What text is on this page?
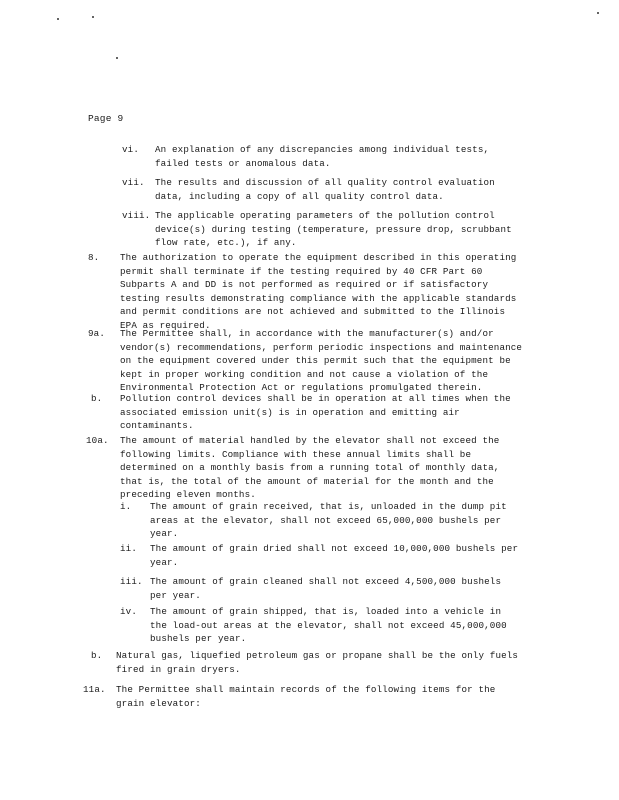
Page 9
vi. An explanation of any discrepancies among individual tests,
failed tests or anomalous data.
vii. The results and discussion of all quality control evaluation
data, including a copy of all quality control data.
viii. The applicable operating parameters of the pollution control
device(s) during testing (temperature, pressure drop, scrubbant
flow rate, etc.), if any.
8. The authorization to operate the equipment described in this operating
permit shall terminate if the testing required by 40 CFR Part 60
Subparts A and DD is not performed as required or if satisfactory
testing results demonstrating compliance with the applicable standards
and permit conditions are not achieved and submitted to the Illinois
EPA as required.
9a. The Permittee shall, in accordance with the manufacturer(s) and/or
vendor(s) recommendations, perform periodic inspections and maintenance
on the equipment covered under this permit such that the equipment be
kept in proper working condition and not cause a violation of the
Environmental Protection Act or regulations promulgated therein.
b. Pollution control devices shall be in operation at all times when the
associated emission unit(s) is in operation and emitting air
contaminants.
10a. The amount of material handled by the elevator shall not exceed the
following limits. Compliance with these annual limits shall be
determined on a monthly basis from a running total of monthly data,
that is, the total of the amount of material for the month and the
preceding eleven months.
i. The amount of grain received, that is, unloaded in the dump pit
areas at the elevator, shall not exceed 65,000,000 bushels per
year.
ii. The amount of grain dried shall not exceed 10,000,000 bushels per
year.
iii. The amount of grain cleaned shall not exceed 4,500,000 bushels
per year.
iv. The amount of grain shipped, that is, loaded into a vehicle in
the load-out areas at the elevator, shall not exceed 45,000,000
bushels per year.
b. Natural gas, liquefied petroleum gas or propane shall be the only fuels
fired in grain dryers.
11a. The Permittee shall maintain records of the following items for the
grain elevator:
